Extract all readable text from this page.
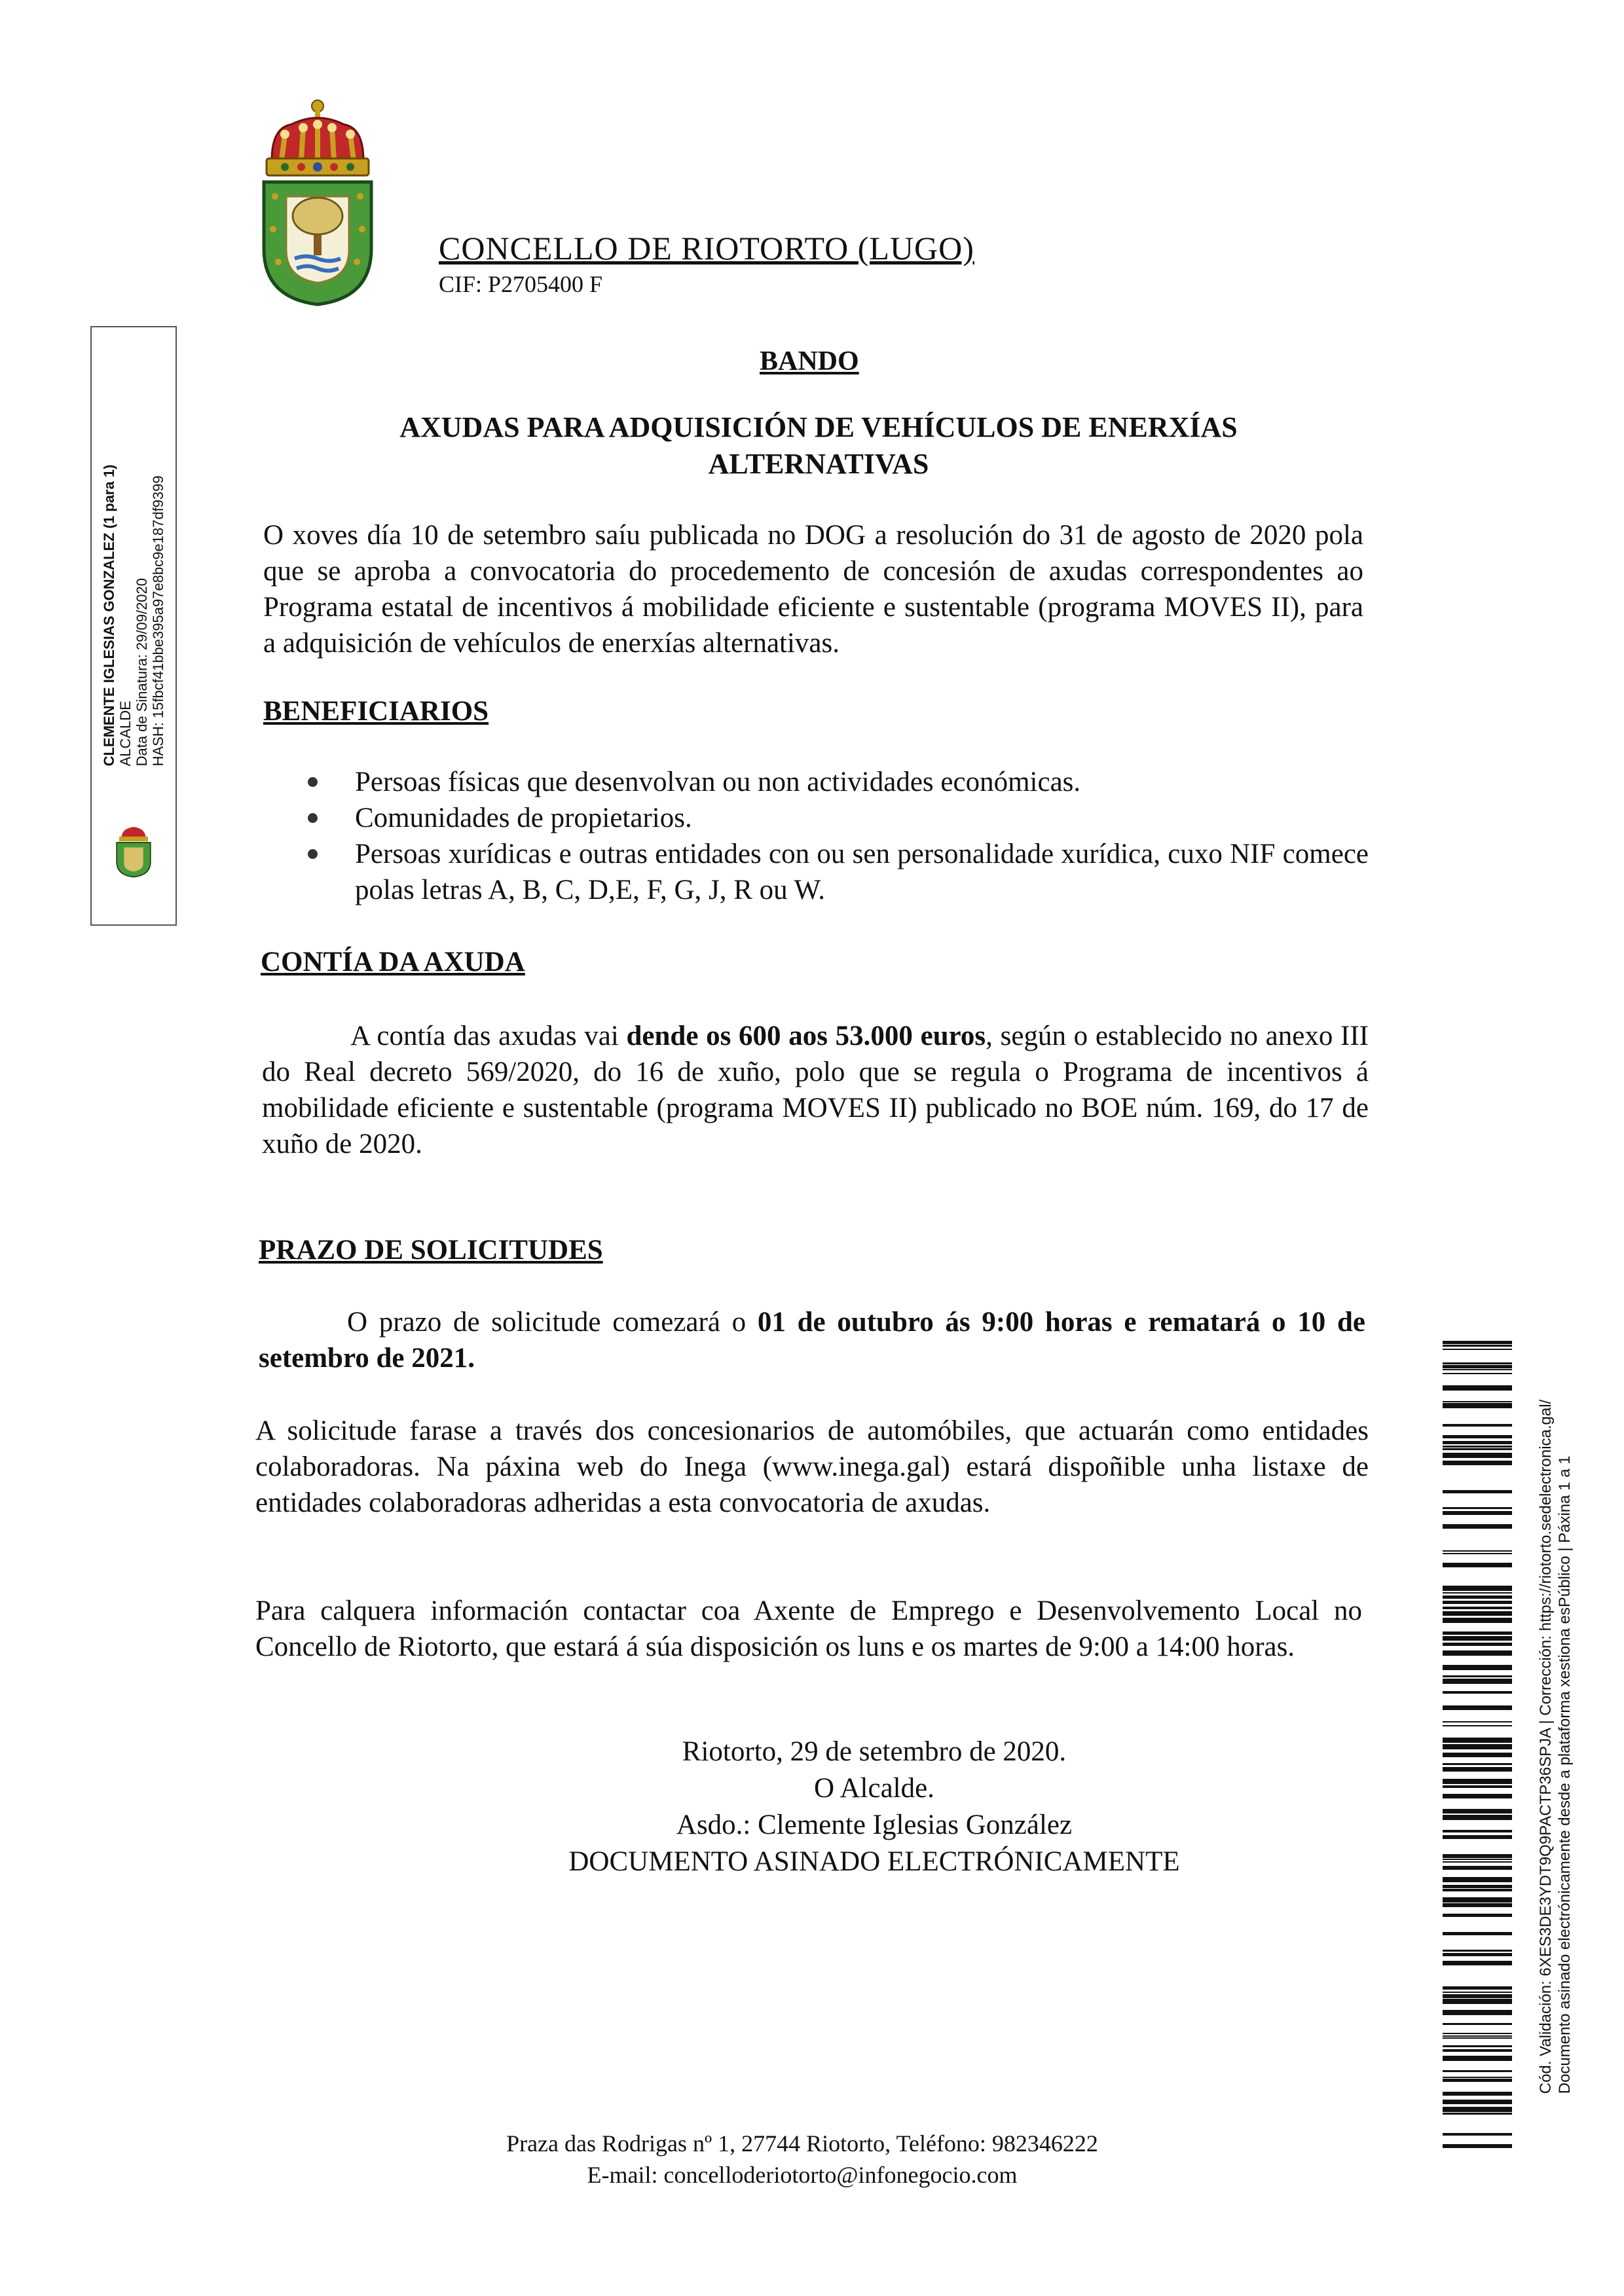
CONCELLO DE RIOTORTO (LUGO)
CIF: P2705400 F
BANDO
AXUDAS PARA ADQUISICIÓN DE VEHÍCULOS DE ENERXÍAS
ALTERNATIVAS
O xoves día 10 de setembro saíu publicada no DOG a resolución do 31 de agosto de 2020 pola que se aproba a convocatoria do procedemento de concesión de axudas correspondentes ao Programa estatal de incentivos á mobilidade eficiente e sustentable (programa MOVES II), para a adquisición de vehículos de enerxías alternativas.
BENEFICIARIOS
Persoas físicas que desenvolvan ou non actividades económicas.
Comunidades de propietarios.
Persoas xurídicas e outras entidades con ou sen personalidade xurídica, cuxo NIF comece polas letras A, B, C, D,E, F, G, J, R ou W.
CONTÍA DA AXUDA
A contía das axudas vai dende os 600 aos 53.000 euros, según o establecido no anexo III do Real decreto 569/2020, do 16 de xuño, polo que se regula o Programa de incentivos á mobilidade eficiente e sustentable (programa MOVES II) publicado no BOE núm. 169, do 17 de xuño de 2020.
PRAZO DE SOLICITUDES
O prazo de solicitude comezará o 01 de outubro ás 9:00 horas e rematará o 10 de setembro de 2021.
A solicitude farase a través dos concesionarios de automóbiles, que actuarán como entidades colaboradoras. Na páxina web do Inega (www.inega.gal) estará dispoñible unha listaxe de entidades colaboradoras adheridas a esta convocatoria de axudas.
Para calquera información contactar coa Axente de Emprego e Desenvolvemento Local no Concello de Riotorto, que estará á súa disposición os luns e os martes de 9:00 a 14:00 horas.
Riotorto, 29 de setembro de 2020.
O Alcalde.
Asdo.: Clemente Iglesias González
DOCUMENTO ASINADO ELECTRÓNICAMENTE
Praza das Rodrigas nº 1, 27744 Riotorto, Teléfono: 982346222
E-mail: concelloderiotorto@infonegocio.com
CLEMENTE IGLESIAS GONZALEZ (1 para 1) ALCALDE Data de Sinatura: 29/09/2020 HASH: 15fbcf41bbe395a97e8bc9e187df9399
Cód. Validación: 6XES3DE3YDT9Q9PACTP36SPJA | Corrección: https://riotorto.sedelectronica.gal/ Documento asinado electrónicamente desde a plataforma xestiona esPúblico | Páxina 1 a 1
